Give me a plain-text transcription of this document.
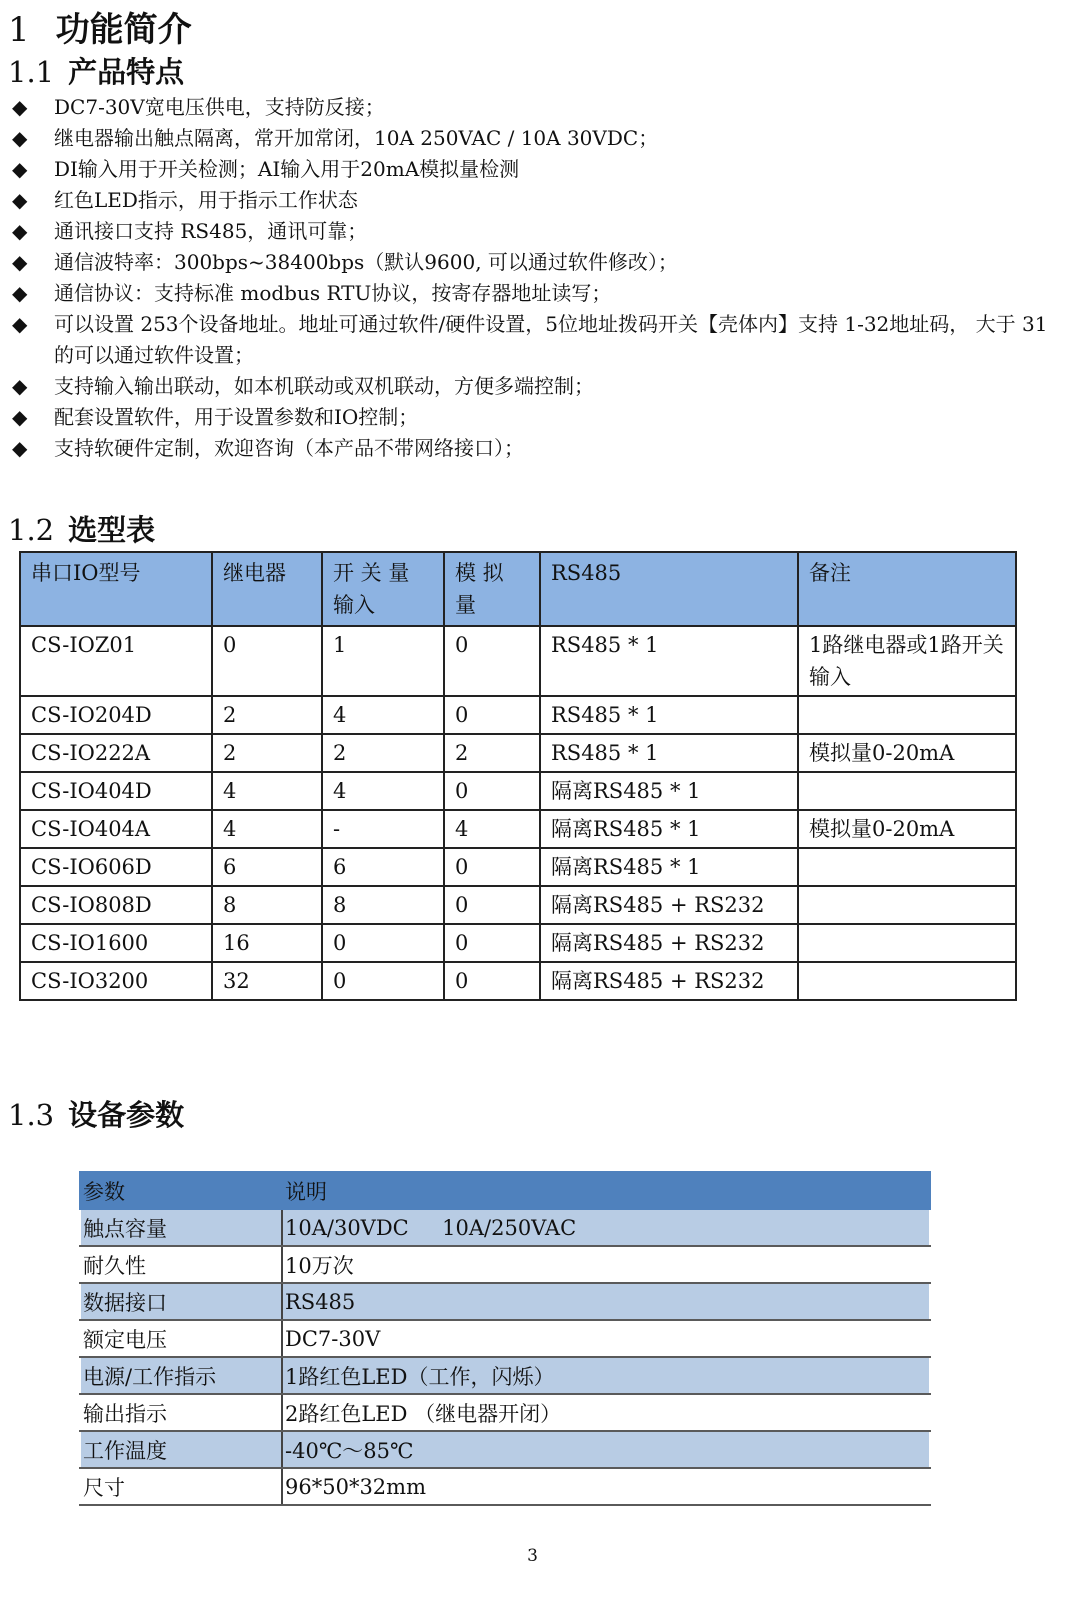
1 功能简介
1.1 产品特点
◆ DC7-30V宽电压供电，支持防反接；
◆ 继电器输出触点隔离，常开加常闭，10A 250VAC / 10A 30VDC；
◆ DI输入用于开关检测；AI输入用于20mA模拟量检测
◆ 红色LED指示，用于指示工作状态
◆ 通讯接口支持 RS485，通讯可靠；
◆ 通信波特率：300bps~38400bps（默认9600, 可以通过软件修改）；
◆ 通信协议：支持标准 modbus RTU协议，按寄存器地址读写；
◆ 可以设置 253个设备地址。地址可通过软件/硬件设置，5位地址拨码开关【壳体内】支持 1-32地址码， 大于 31的可以通过软件设置；
◆ 支持输入输出联动，如本机联动或双机联动，方便多端控制；
◆ 配套设置软件，用于设置参数和IO控制；
◆ 支持软硬件定制，欢迎咨询（本产品不带网络接口）；
1.2 选型表
串口IO型号	继电器	开 关 量 输入	模 拟 量	RS485	备注
CS-IOZ01	0	1	0	RS485 * 1	1路继电器或1路开关输入
CS-IO204D	2	4	0	RS485 * 1	
CS-IO222A	2	2	2	RS485 * 1	模拟量0-20mA
CS-IO404D	4	4	0	隔离RS485 * 1	
CS-IO404A	4	-	4	隔离RS485 * 1	模拟量0-20mA
CS-IO606D	6	6	0	隔离RS485 * 1	
CS-IO808D	8	8	0	隔离RS485 + RS232	
CS-IO1600	16	0	0	隔离RS485 + RS232	
CS-IO3200	32	0	0	隔离RS485 + RS232	
1.3 设备参数
参数	说明
触点容量	10A/30VDC     10A/250VAC
耐久性	10万次
数据接口	RS485
额定电压	DC7-30V
电源/工作指示	1路红色LED（工作，闪烁）
输出指示	2路红色LED （继电器开闭）
工作温度	-40℃～85℃
尺寸	96*50*32mm
3
